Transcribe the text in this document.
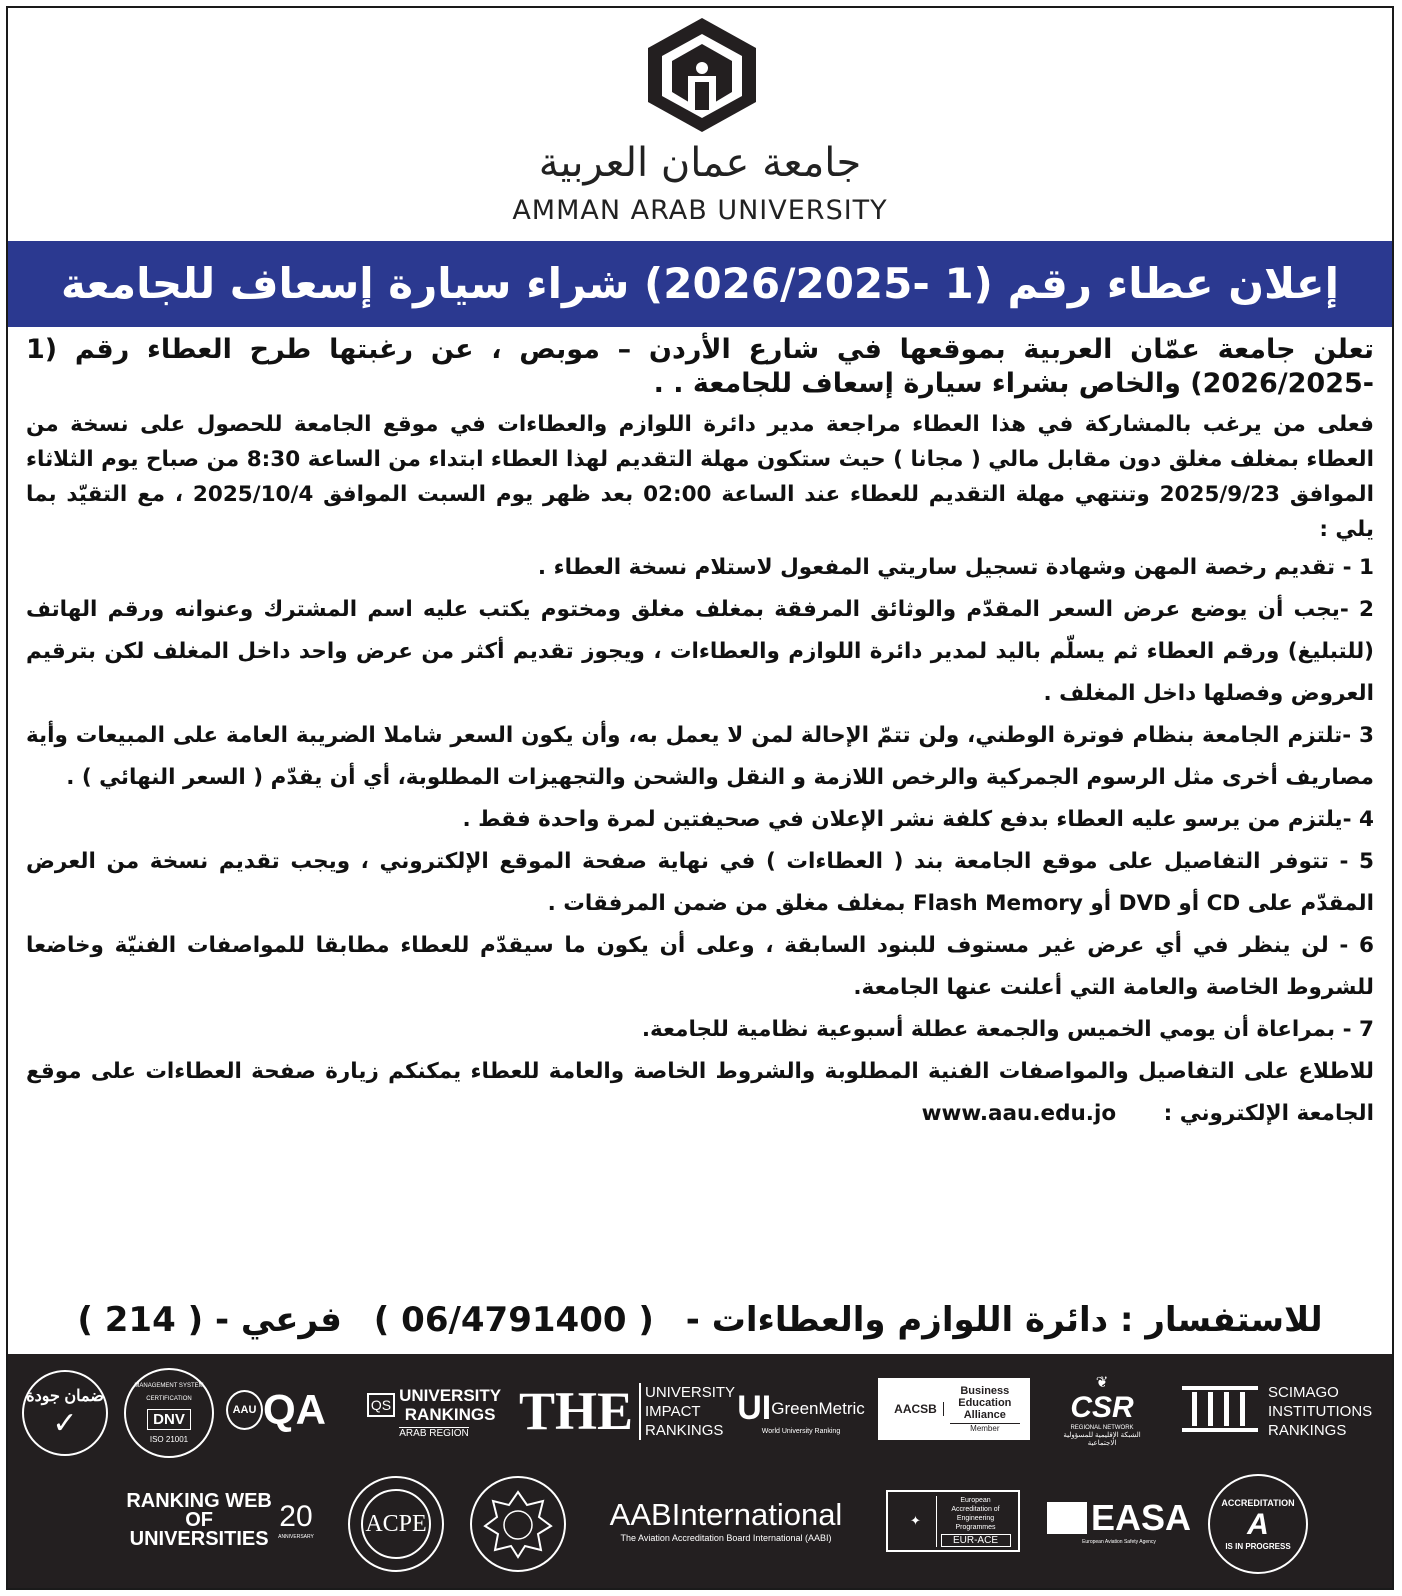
جامعة عمان العربية
AMMAN ARAB UNIVERSITY
إعلان عطاء رقم (1 -2026/2025) شراء سيارة إسعاف للجامعة

تعلن جامعة عمّان العربية بموقعها في شارع الأردن – موبص ، عن رغبتها طرح العطاء رقم (1 -2026/2025) والخاص بشراء سيارة إسعاف للجامعة . .

فعلى من يرغب بالمشاركة في هذا العطاء مراجعة مدير دائرة اللوازم والعطاءات في موقع الجامعة للحصول على نسخة من العطاء بمغلف مغلق دون مقابل مالي ( مجانا ) حيث ستكون مهلة التقديم لهذا العطاء ابتداء من الساعة 8:30 من صباح يوم الثلاثاء الموافق 2025/9/23 وتنتهي مهلة التقديم للعطاء عند الساعة 02:00 بعد ظهر يوم السبت الموافق 2025/10/4 ، مع التقيّد بما يلي :

1 - تقديم رخصة المهن وشهادة تسجيل ساريتي المفعول لاستلام نسخة العطاء .

2 -يجب أن يوضع عرض السعر المقدّم والوثائق المرفقة بمغلف مغلق ومختوم يكتب عليه اسم المشترك وعنوانه ورقم الهاتف (للتبليغ) ورقم العطاء ثم يسلّم باليد لمدير دائرة اللوازم والعطاءات ، ويجوز تقديم أكثر من عرض واحد داخل المغلف لكن بترقيم العروض وفصلها داخل المغلف .

3 -تلتزم الجامعة بنظام فوترة الوطني، ولن تتمّ الإحالة لمن لا يعمل به، وأن يكون السعر شاملا الضريبة العامة على المبيعات وأية مصاريف أخرى مثل الرسوم الجمركية والرخص اللازمة و النقل والشحن والتجهيزات المطلوبة، أي أن يقدّم ( السعر النهائي ) .

4 -يلتزم من يرسو عليه العطاء بدفع كلفة نشر الإعلان في صحيفتين لمرة واحدة فقط .

5 - تتوفر التفاصيل على موقع الجامعة بند ( العطاءات ) في نهاية صفحة الموقع الإلكتروني ، ويجب تقديم نسخة من العرض المقدّم على CD أو DVD أو Flash Memory بمغلف مغلق من ضمن المرفقات .

6 - لن ينظر في أي عرض غير مستوف للبنود السابقة ، وعلى أن يكون ما سيقدّم للعطاء مطابقا للمواصفات الفنيّة وخاضعا للشروط الخاصة والعامة التي أعلنت عنها الجامعة.

7 - بمراعاة أن يومي الخميس والجمعة عطلة أسبوعية نظامية للجامعة.

للاطلاع على التفاصيل والمواصفات الفنية المطلوبة والشروط الخاصة والعامة للعطاء يمكنكم زيارة صفحة العطاءات على موقع الجامعة الإلكتروني : www.aau.edu.jo

للاستفسار : دائرة اللوازم والعطاءات - ( 06/4791400 ) فرعي - ( 214 )
ضمان جودة
✓
MANAGEMENT SYSTEM CERTIFICATION
DNV
ISO 21001
AAU QA	QS UNIVERSITY
RANKINGS
ARAB REGION THE UNIVERSITY
IMPACT
RANKINGS
UI GreenMetric
World University Ranking
AACSB
Business Education Alliance
Member
❦
CSR
REGIONAL NETWORK
الشبكة الإقليمية للمسؤولية الاجتماعية
SCIMAGO INSTITUTIONS RANKINGS
RANKING WEB OF UNIVERSITIES
20
ANNIVERSARY
ACPE	AABInternational
The Aviation Accreditation Board International (AABI)
✦
European Accreditation of Engineering Programmes
EUR-ACE
EASA
European Aviation Safety Agency
ACCREDITATION
A
IS IN PROGRESS
